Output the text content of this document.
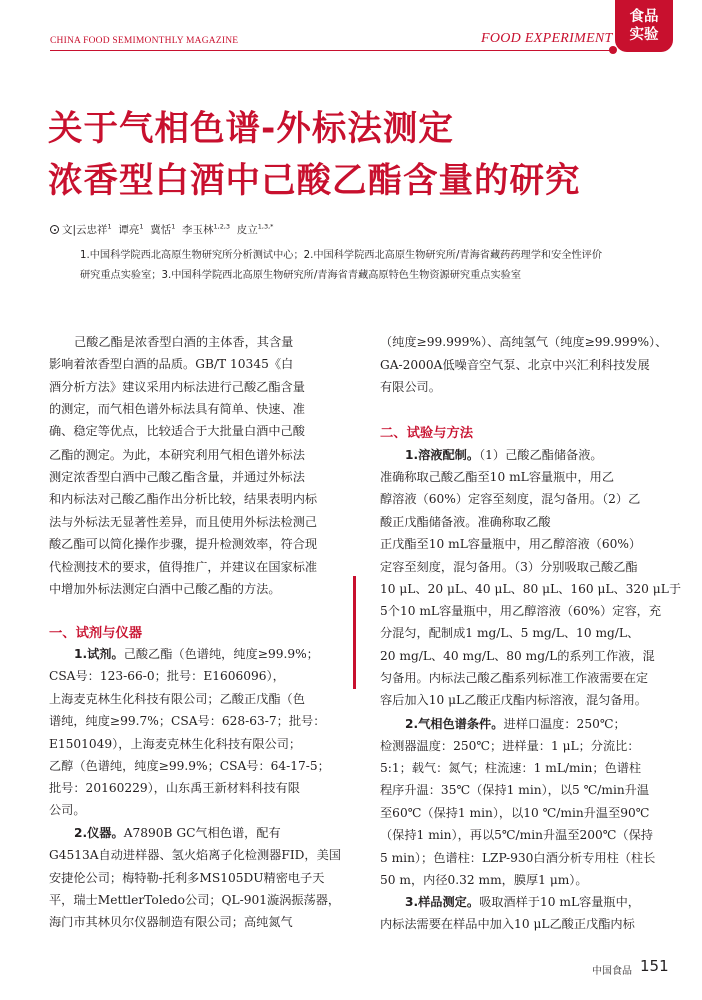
CHINA FOOD SEMIMONTHLY MAGAZINE	FOOD EXPERIMENT
食品
实验
关于气相色谱-外标法测定
浓香型白酒中己酸乙酯含量的研究
文|云忠祥$^1$ 谭亮$^1$ 冀恬$^1$ 李玉林$^{1,2,3}$ 皮立$^{1,3,*}$
1.中国科学院西北高原生物研究所分析测试中心；2.中国科学院西北高原生物研究所/青海省藏药药理学和安全性评价
研究重点实验室；3.中国科学院西北高原生物研究所/青海省青藏高原特色生物资源研究重点实验室
己酸乙酯是浓香型白酒的主体香，其含量
影响着浓香型白酒的品质。GB/T 10345《白
酒分析方法》建议采用内标法进行己酸乙酯含量
的测定，而气相色谱外标法具有简单、快速、准
确、稳定等优点，比较适合于大批量白酒中己酸
乙酯的测定。为此，本研究利用气相色谱外标法
测定浓香型白酒中己酸乙酯含量，并通过外标法
和内标法对己酸乙酯作出分析比较，结果表明内标
法与外标法无显著性差异，而且使用外标法检测己
酸乙酯可以简化操作步骤，提升检测效率，符合现
代检测技术的要求，值得推广，并建议在国家标准
中增加外标法测定白酒中己酸乙酯的方法。
一、试剂与仪器
1.试剂。己酸乙酯（色谱纯，纯度≥99.9%；
CSA号：123-66-0；批号：E1606096），
上海麦克林生化科技有限公司；乙酸正戊酯（色
谱纯，纯度≥99.7%；CSA号：628-63-7；批号：
E1501049），上海麦克林生化科技有限公司；
乙醇（色谱纯，纯度≥99.9%；CSA号：64-17-5；
批号：20160229），山东禹王新材料科技有限
公司。
2.仪器。A7890B GC气相色谱，配有
G4513A自动进样器、氢火焰离子化检测器FID，美国
安捷伦公司；梅特勒-托利多MS105DU精密电子天
平，瑞士MettlerToledo公司；QL-901漩涡振荡器，
海门市其林贝尔仪器制造有限公司；高纯氮气
（纯度≥99.999%）、高纯氢气（纯度≥99.999%）、
GA-2000A低噪音空气泵、北京中兴汇利科技发展
有限公司。
二、试验与方法
1.溶液配制。（1）己酸乙酯储备液。
准确称取己酸乙酯至10 mL容量瓶中，用乙
醇溶液（60%）定容至刻度，混匀备用。（2）乙
酸正戊酯储备液。准确称取乙酸
正戊酯至10 mL容量瓶中，用乙醇溶液（60%）
定容至刻度，混匀备用。（3）分别吸取己酸乙酯
10 μL、20 μL、40 μL、80 μL、160 μL、320 μL于
5个10 mL容量瓶中，用乙醇溶液（60%）定容，充
分混匀，配制成1 mg/L、5 mg/L、10 mg/L、
20 mg/L、40 mg/L、80 mg/L的系列工作液，混
匀备用。内标法己酸乙酯系列标准工作液需要在定
容后加入10 μL乙酸正戊酯内标溶液，混匀备用。
2.气相色谱条件。进样口温度：250℃；
检测器温度：250℃；进样量：1 μL；分流比：
5:1；载气：氮气；柱流速：1 mL/min；色谱柱
程序升温：35℃（保持1 min），以5 ℃/min升温
至60℃（保持1 min），以10 ℃/min升温至90℃
（保持1 min），再以5℃/min升温至200℃（保持
5 min）；色谱柱：LZP-930白酒分析专用柱（柱长
50 m，内径0.32 mm，膜厚1 μm）。
3.样品测定。吸取酒样于10 mL容量瓶中，
内标法需要在样品中加入10 μL乙酸正戊酯内标
中国食品 151
